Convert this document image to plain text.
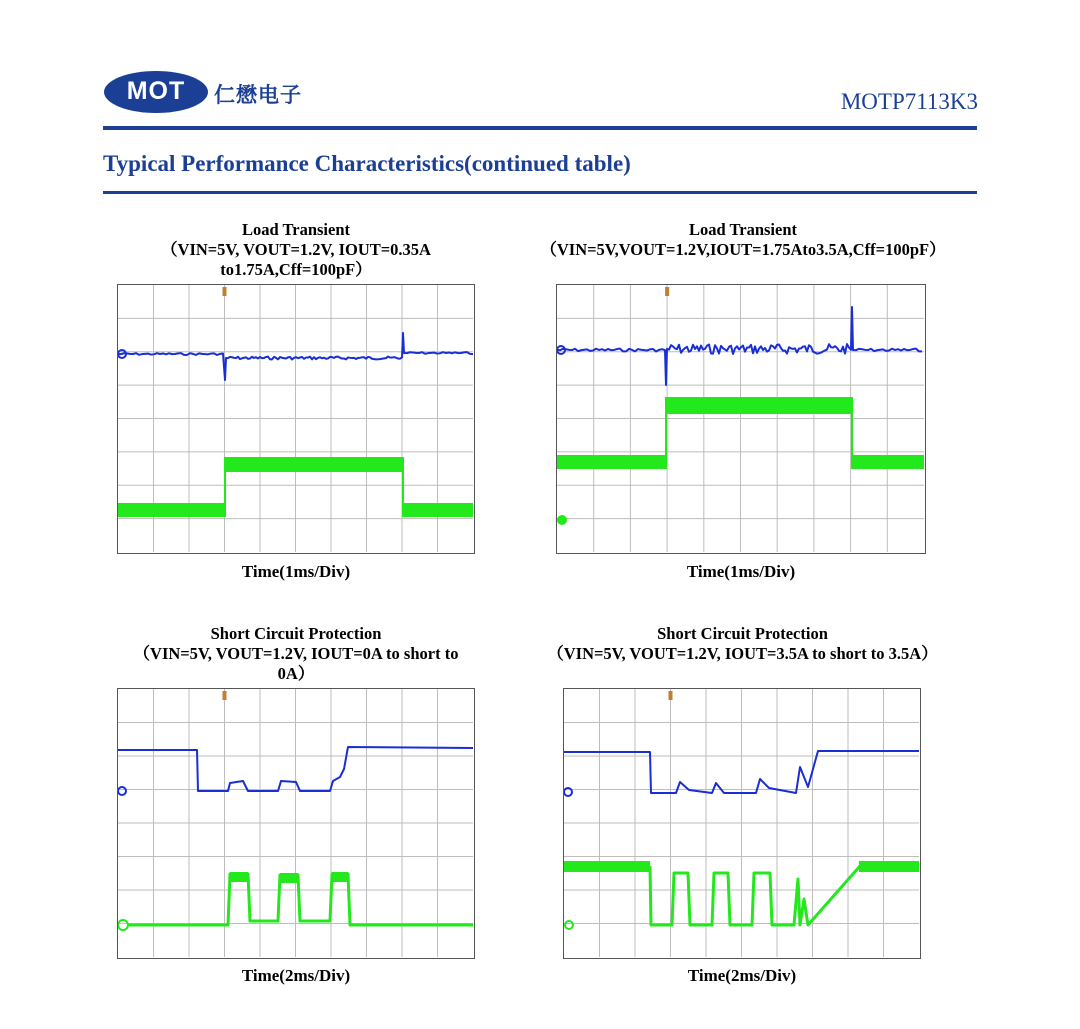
MOT	仁懋电子	MOTP7113K3
Typical Performance Characteristics(continued table)
Load Transient
（VIN=5V, VOUT=1.2V, IOUT=0.35A
to1.75A,Cff=100pF）
Time(1ms/Div)
Load Transient
（VIN=5V,VOUT=1.2V,IOUT=1.75Ato3.5A,Cff=100pF）
Time(1ms/Div)
Short Circuit Protection
（VIN=5V, VOUT=1.2V, IOUT=0A to short to
0A）
Time(2ms/Div)
Short Circuit Protection
（VIN=5V, VOUT=1.2V, IOUT=3.5A to short to 3.5A）
Time(2ms/Div)
